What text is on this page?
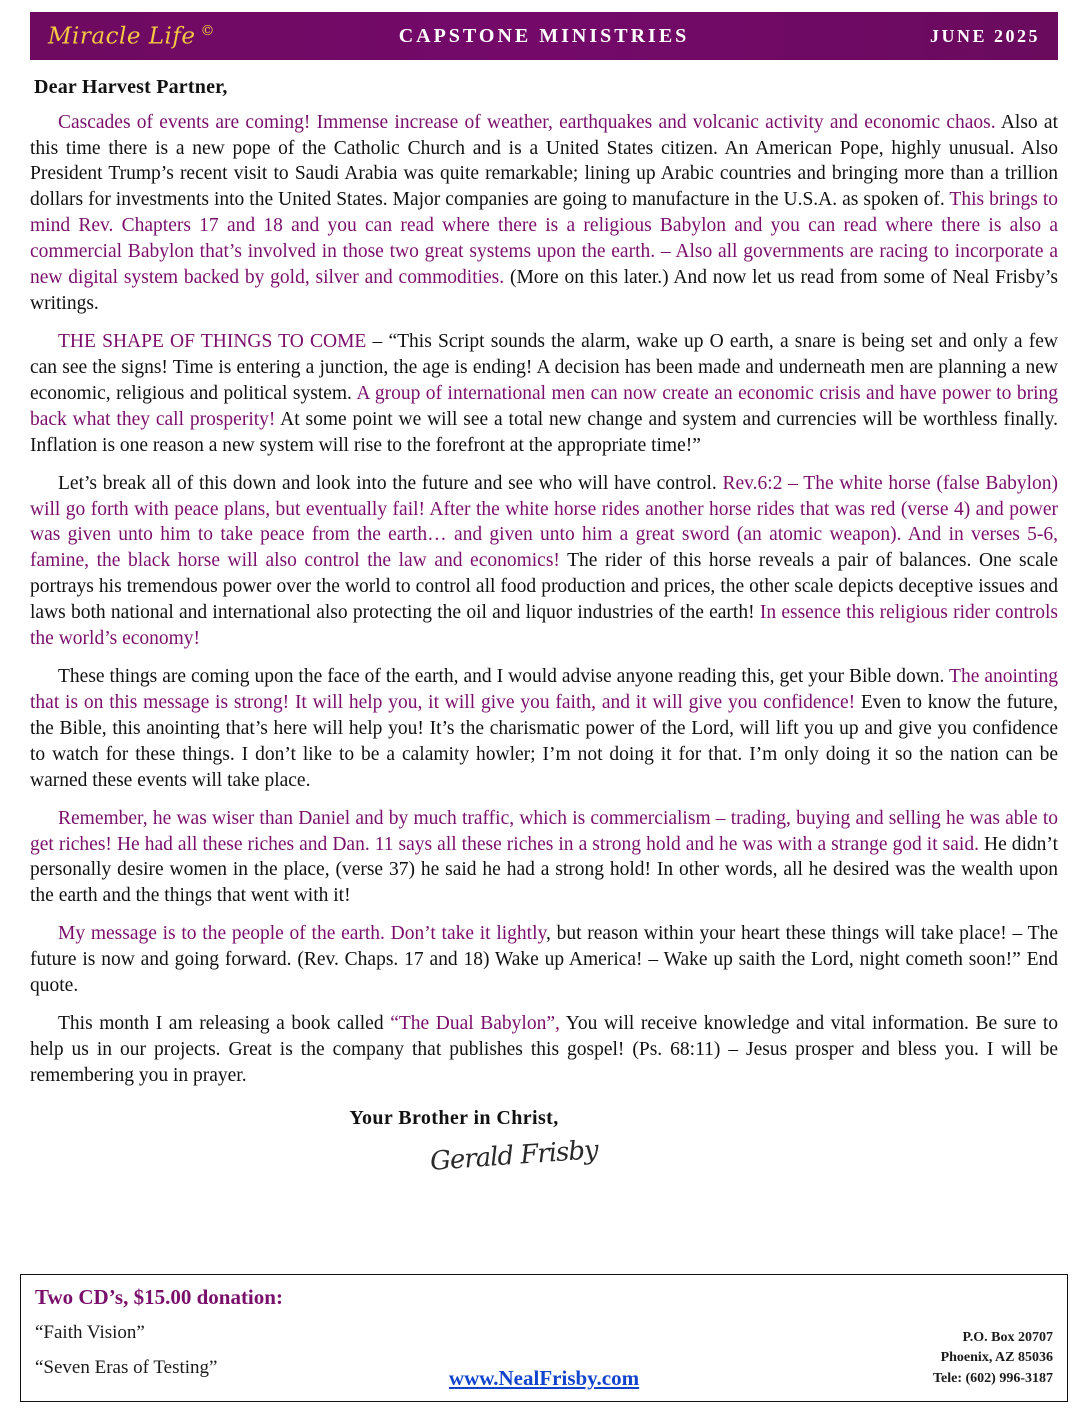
Miracle Life ©	CAPSTONE MINISTRIES	JUNE 2025
Dear Harvest Partner,

Cascades of events are coming! Immense increase of weather, earthquakes and volcanic activity and economic chaos. Also at this time there is a new pope of the Catholic Church and is a United States citizen. An American Pope, highly unusual. Also President Trump’s recent visit to Saudi Arabia was quite remarkable; lining up Arabic countries and bringing more than a trillion dollars for investments into the United States. Major companies are going to manufacture in the U.S.A. as spoken of. This brings to mind Rev. Chapters 17 and 18 and you can read where there is a religious Babylon and you can read where there is also a commercial Babylon that’s involved in those two great systems upon the earth. – Also all governments are racing to incorporate a new digital system backed by gold, silver and commodities. (More on this later.) And now let us read from some of Neal Frisby’s writings.

THE SHAPE OF THINGS TO COME – “This Script sounds the alarm, wake up O earth, a snare is being set and only a few can see the signs! Time is entering a junction, the age is ending! A decision has been made and underneath men are planning a new economic, religious and political system. A group of international men can now create an economic crisis and have power to bring back what they call prosperity! At some point we will see a total new change and system and currencies will be worthless finally. Inflation is one reason a new system will rise to the forefront at the appropriate time!”

Let’s break all of this down and look into the future and see who will have control. Rev.6:2 – The white horse (false Babylon) will go forth with peace plans, but eventually fail! After the white horse rides another horse rides that was red (verse 4) and power was given unto him to take peace from the earth… and given unto him a great sword (an atomic weapon). And in verses 5-6, famine, the black horse will also control the law and economics! The rider of this horse reveals a pair of balances. One scale portrays his tremendous power over the world to control all food production and prices, the other scale depicts deceptive issues and laws both national and international also protecting the oil and liquor industries of the earth! In essence this religious rider controls the world’s economy!

These things are coming upon the face of the earth, and I would advise anyone reading this, get your Bible down. The anointing that is on this message is strong! It will help you, it will give you faith, and it will give you confidence! Even to know the future, the Bible, this anointing that’s here will help you! It’s the charismatic power of the Lord, will lift you up and give you confidence to watch for these things. I don’t like to be a calamity howler; I’m not doing it for that. I’m only doing it so the nation can be warned these events will take place.

Remember, he was wiser than Daniel and by much traffic, which is commercialism – trading, buying and selling he was able to get riches! He had all these riches and Dan. 11 says all these riches in a strong hold and he was with a strange god it said. He didn’t personally desire women in the place, (verse 37) he said he had a strong hold! In other words, all he desired was the wealth upon the earth and the things that went with it!

My message is to the people of the earth. Don’t take it lightly, but reason within your heart these things will take place! – The future is now and going forward. (Rev. Chaps. 17 and 18) Wake up America! – Wake up saith the Lord, night cometh soon!” End quote.

This month I am releasing a book called “The Dual Babylon”, You will receive knowledge and vital information. Be sure to help us in our projects. Great is the company that publishes this gospel! (Ps. 68:11) – Jesus prosper and bless you. I will be remembering you in prayer.

Your Brother in Christ,
Gerald Frisby
Two CD’s, $15.00 donation:
“Faith Vision”
“Seven Eras of Testing”
P.O. Box 20707
Phoenix, AZ 85036
Tele: (602) 996-3187
www.NealFrisby.com
